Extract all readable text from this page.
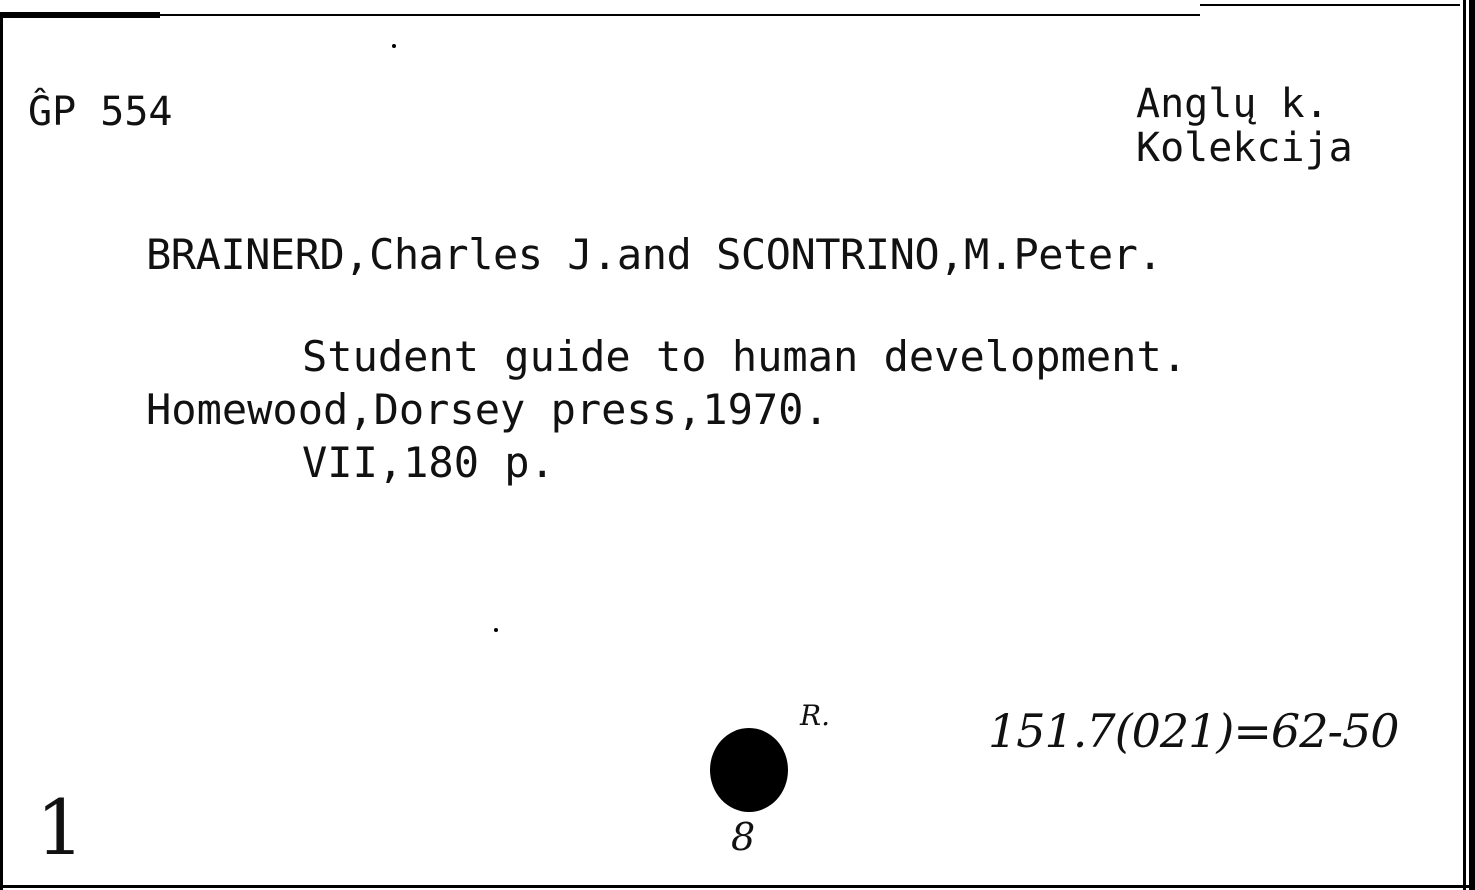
ĜP 554	Anglų k.
Kolekcija
BRAINERD,Charles J.and SCONTRINO,M.Peter.
Student guide to human development.
Homewood,Dorsey press,1970.
VII,180 p.
R.
8
151.7(021)=62-50
1
